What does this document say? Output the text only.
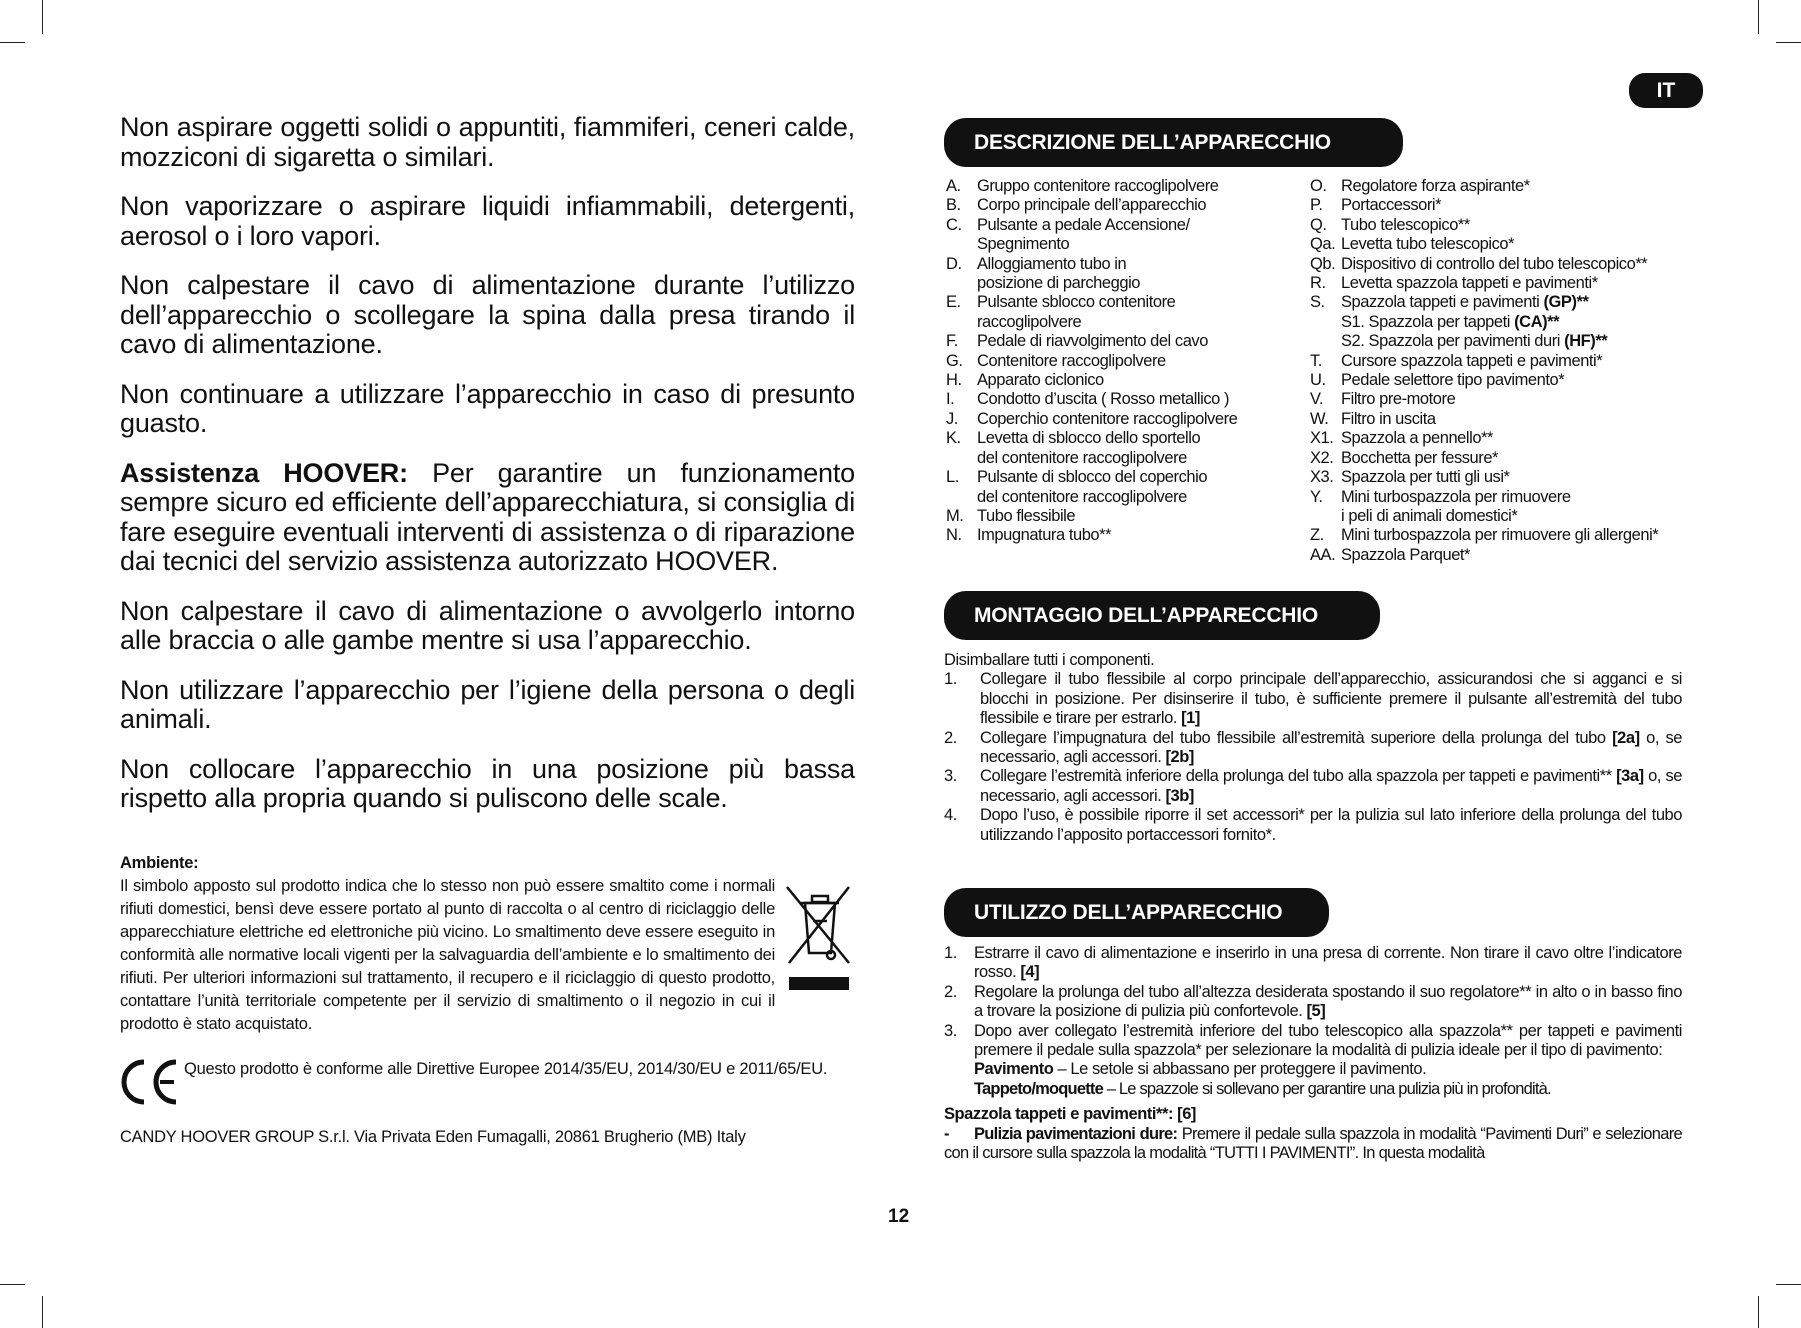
IT

Non aspirare oggetti solidi o appuntiti, fiammiferi, ceneri calde, mozziconi di sigaretta o similari.

Non vaporizzare o aspirare liquidi infiammabili, detergenti, aerosol o i loro vapori.

Non calpestare il cavo di alimentazione durante l’utilizzo dell’apparecchio o scollegare la spina dalla presa tirando il cavo di alimentazione.

Non continuare a utilizzare l’apparecchio in caso di presunto guasto.

Assistenza HOOVER: Per garantire un funzionamento sempre sicuro ed efficiente dell’apparecchiatura, si consiglia di fare eseguire eventuali interventi di assistenza o di riparazione dai tecnici del servizio assistenza autorizzato HOOVER.

Non calpestare il cavo di alimentazione o avvolgerlo intorno alle braccia o alle gambe mentre si usa l’apparecchio.

Non utilizzare l’apparecchio per l’igiene della persona o degli animali.

Non collocare l’apparecchio in una posizione più bassa rispetto alla propria quando si puliscono delle scale.

Ambiente:
Il simbolo apposto sul prodotto indica che lo stesso non può essere smaltito come i normali rifiuti domestici, bensì deve essere portato al punto di raccolta o al centro di riciclaggio delle apparecchiature elettriche ed elettroniche più vicino. Lo smaltimento deve essere eseguito in conformità alle normative locali vigenti per la salvaguardia dell’ambiente e lo smaltimento dei rifiuti. Per ulteriori informazioni sul trattamento, il recupero e il riciclaggio di questo prodotto, contattare l’unità territoriale competente per il servizio di smaltimento o il negozio in cui il prodotto è stato acquistato.
Questo prodotto è conforme alle Direttive Europee 2014/35/EU, 2014/30/EU e 2011/65/EU.
CANDY HOOVER GROUP S.r.l. Via Privata Eden Fumagalli, 20861 Brugherio (MB) Italy
12
DESCRIZIONE DELL’APPARECCHIO
A. Gruppo contenitore raccoglipolvere
B. Corpo principale dell’apparecchio
C. Pulsante a pedale Accensione/
Spegnimento
D. Alloggiamento tubo in
posizione di parcheggio
E. Pulsante sblocco contenitore
raccoglipolvere
F.	Pedale di riavvolgimento del cavo
G. Contenitore raccoglipolvere
H. Apparato ciclonico
I.	Condotto d’uscita ( Rosso metallico )
J.	Coperchio contenitore raccoglipolvere
K. Levetta di sblocco dello sportello
del contenitore raccoglipolvere
L.	Pulsante di sblocco del coperchio
del contenitore raccoglipolvere
M. Tubo flessibile
N. Impugnatura tubo**
O. Regolatore forza aspirante*
P.	Portaccessori*
Q. Tubo telescopico**
Qa. Levetta tubo telescopico*
Qb. Dispositivo di controllo del tubo telescopico**
R. Levetta spazzola tappeti e pavimenti*
S. Spazzola tappeti e pavimenti (GP)**
S1. Spazzola per tappeti (CA)**
S2. Spazzola per pavimenti duri (HF)**
T.	Cursore spazzola tappeti e pavimenti*
U. Pedale selettore tipo pavimento*
V.	Filtro pre-motore
W. Filtro in uscita
X1. Spazzola a pennello**
X2. Bocchetta per fessure*
X3. Spazzola per tutti gli usi*
Y.	Mini turbospazzola per rimuovere
i peli di animali domestici*
Z.	Mini turbospazzola per rimuovere gli allergeni*
AA. Spazzola Parquet*
MONTAGGIO DELL’APPARECCHIO
Disimballare tutti i componenti.
1.	Collegare il tubo flessibile al corpo principale dell’apparecchio, assicurandosi che si agganci e si blocchi in posizione. Per disinserire il tubo, è sufficiente premere il pulsante all’estremità del tubo flessibile e tirare per estrarlo. [1]
2.	Collegare l’impugnatura del tubo flessibile all’estremità superiore della prolunga del tubo [2a] o, se necessario, agli accessori. [2b]
3.	Collegare l’estremità inferiore della prolunga del tubo alla spazzola per tappeti e pavimenti** [3a] o, se necessario, agli accessori. [3b]
4.	Dopo l’uso, è possibile riporre il set accessori* per la pulizia sul lato inferiore della prolunga del tubo utilizzando l’apposito portaccessori fornito*.
UTILIZZO DELL’APPARECCHIO
1.	Estrarre il cavo di alimentazione e inserirlo in una presa di corrente. Non tirare il cavo oltre l’indicatore rosso. [4]
2.	Regolare la prolunga del tubo all’altezza desiderata spostando il suo regolatore** in alto o in basso fino a trovare la posizione di pulizia più confortevole. [5]
3.	Dopo aver collegato l’estremità inferiore del tubo telescopico alla spazzola** per tappeti e pavimenti premere il pedale sulla spazzola* per selezionare la modalità di pulizia ideale per il tipo di pavimento:
Pavimento – Le setole si abbassano per proteggere il pavimento.
Tappeto/moquette – Le spazzole si sollevano per garantire una pulizia più in profondità.
Spazzola tappeti e pavimenti**: [6]
- Pulizia pavimentazioni dure: Premere il pedale sulla spazzola in modalità “Pavimenti Duri” e selezionare con il cursore sulla spazzola la modalità “TUTTI I PAVIMENTI”. In questa modalità
